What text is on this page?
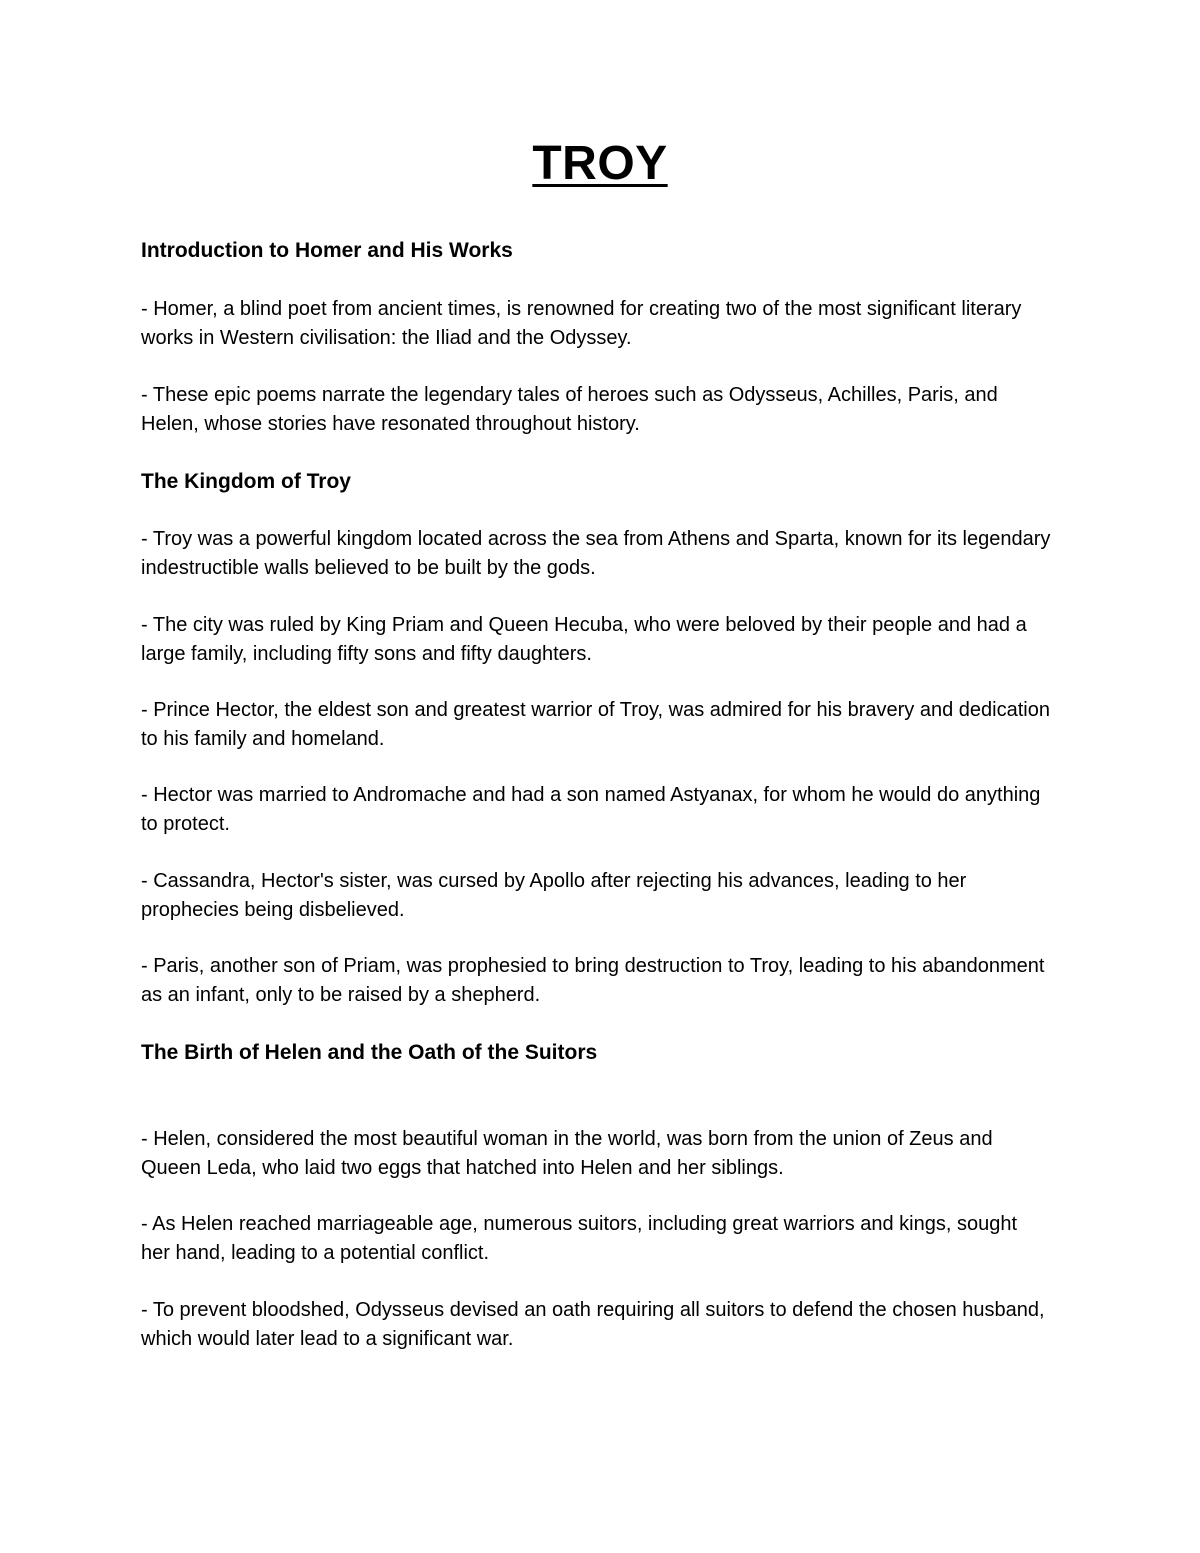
TROY
Introduction to Homer and His Works
- Homer, a blind poet from ancient times, is renowned for creating two of the most significant literary works in Western civilisation: the Iliad and the Odyssey.
- These epic poems narrate the legendary tales of heroes such as Odysseus, Achilles, Paris, and Helen, whose stories have resonated throughout history.
The Kingdom of Troy
- Troy was a powerful kingdom located across the sea from Athens and Sparta, known for its legendary indestructible walls believed to be built by the gods.
- The city was ruled by King Priam and Queen Hecuba, who were beloved by their people and had a large family, including fifty sons and fifty daughters.
- Prince Hector, the eldest son and greatest warrior of Troy, was admired for his bravery and dedication to his family and homeland.
- Hector was married to Andromache and had a son named Astyanax, for whom he would do anything to protect.
- Cassandra, Hector's sister, was cursed by Apollo after rejecting his advances, leading to her prophecies being disbelieved.
- Paris, another son of Priam, was prophesied to bring destruction to Troy, leading to his abandonment as an infant, only to be raised by a shepherd.
The Birth of Helen and the Oath of the Suitors
- Helen, considered the most beautiful woman in the world, was born from the union of Zeus and Queen Leda, who laid two eggs that hatched into Helen and her siblings.
- As Helen reached marriageable age, numerous suitors, including great warriors and kings, sought her hand, leading to a potential conflict.
- To prevent bloodshed, Odysseus devised an oath requiring all suitors to defend the chosen husband, which would later lead to a significant war.
